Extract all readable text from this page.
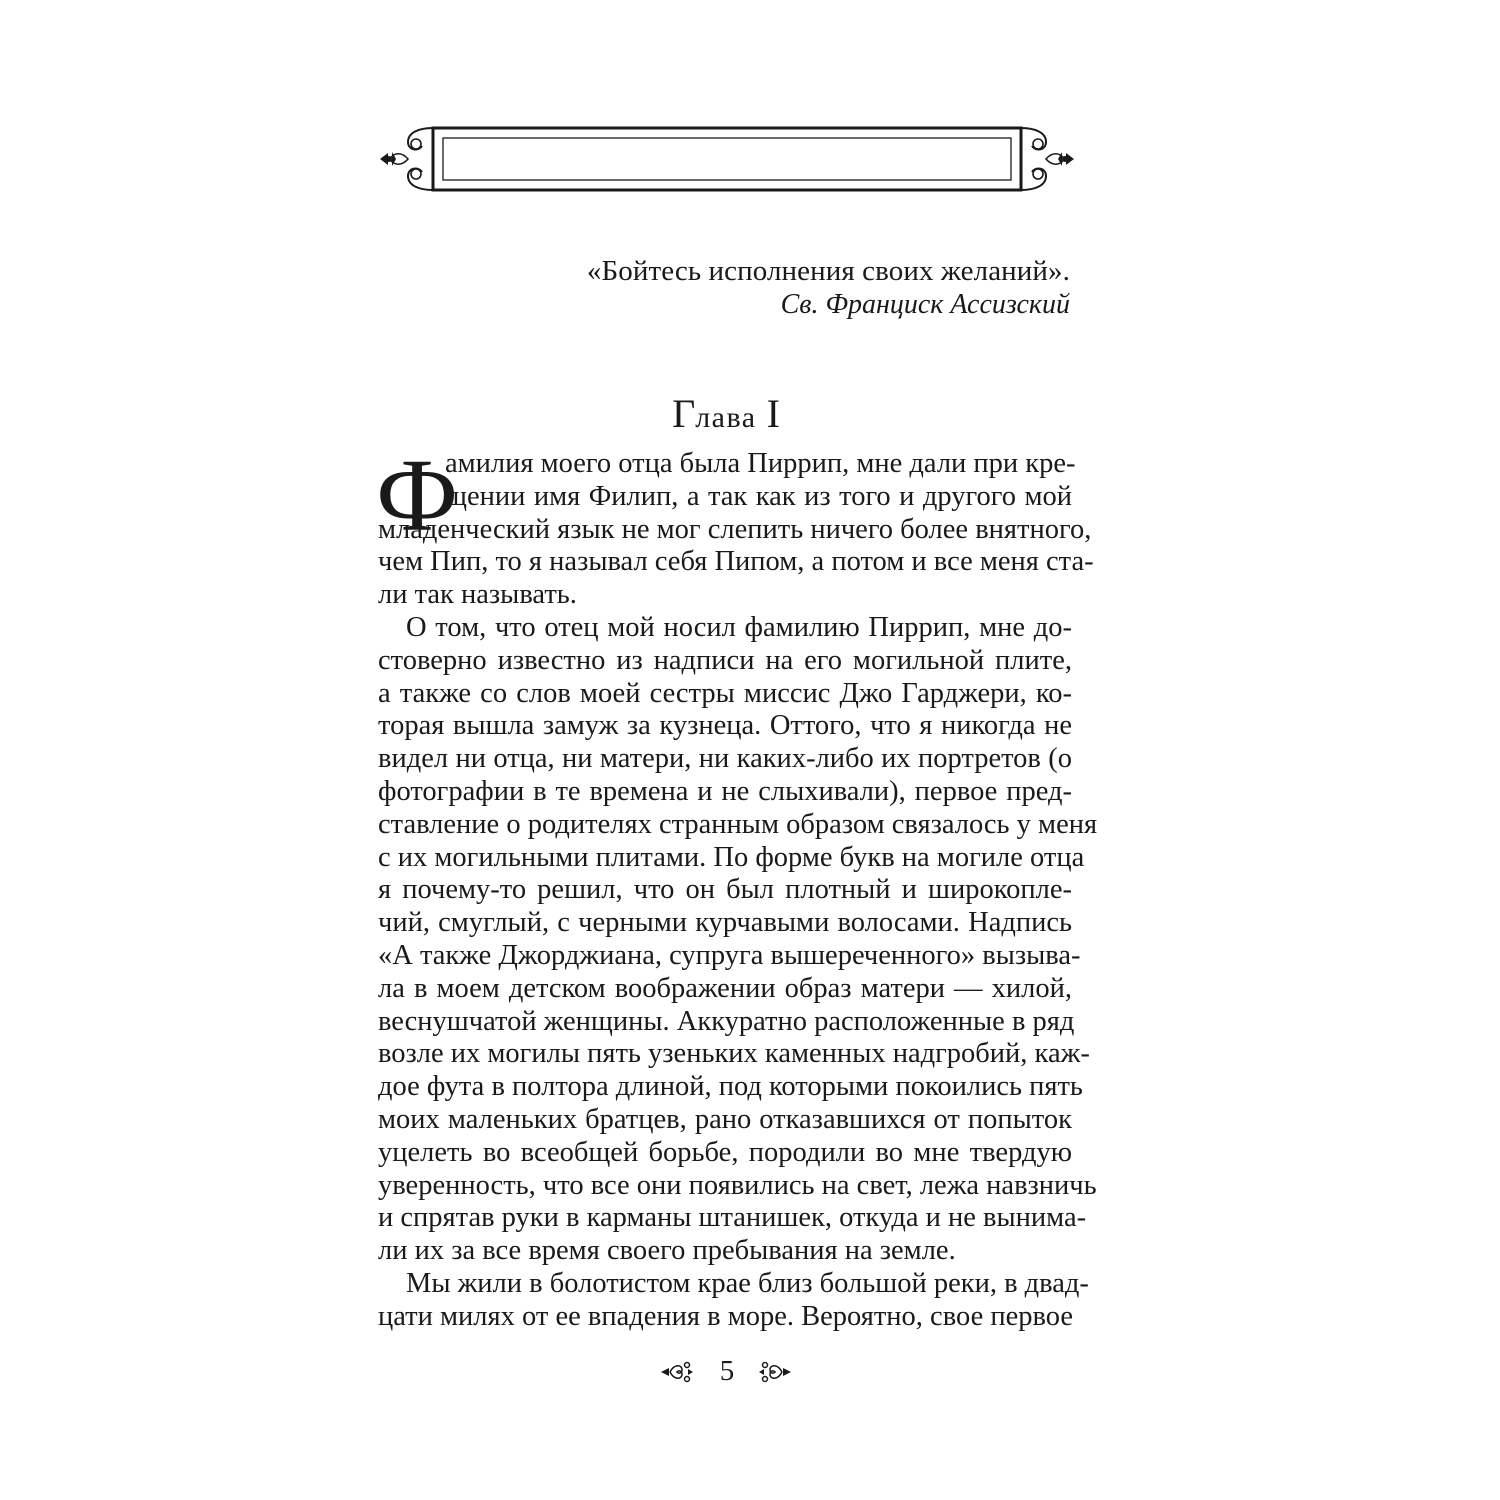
«Бойтесь исполнения своих желаний».
Св. Франциск Ассизский
Глава I
Ф
амилия моего отца была Пиррип, мне дали при кре-
щении имя Филип, а так как из того и другого мой
младенческий язык не мог слепить ничего более внятного,
чем Пип, то я называл себя Пипом, а потом и все меня ста-
ли так называть.
О том, что отец мой носил фамилию Пиррип, мне до-
стоверно известно из надписи на его могильной плите,
а также со слов моей сестры миссис Джо Гарджери, ко-
торая вышла замуж за кузнеца. Оттого, что я никогда не
видел ни отца, ни матери, ни каких-либо их портретов (о
фотографии в те времена и не слыхивали), первое пред-
ставление о родителях странным образом связалось у меня
с их могильными плитами. По форме букв на могиле отца
я почему-то решил, что он был плотный и широкопле-
чий, смуглый, с черными курчавыми волосами. Надпись
«А также Джорджиана, супруга вышереченного» вызыва-
ла в моем детском воображении образ матери — хилой,
веснушчатой женщины. Аккуратно расположенные в ряд
возле их могилы пять узеньких каменных надгробий, каж-
дое фута в полтора длиной, под которыми покоились пять
моих маленьких братцев, рано отказавшихся от попыток
уцелеть во всеобщей борьбе, породили во мне твердую
уверенность, что все они появились на свет, лежа навзничь
и спрятав руки в карманы штанишек, откуда и не вынима-
ли их за все время своего пребывания на земле.
Мы жили в болотистом крае близ большой реки, в двад-
цати милях от ее впадения в море. Вероятно, свое первое
5
